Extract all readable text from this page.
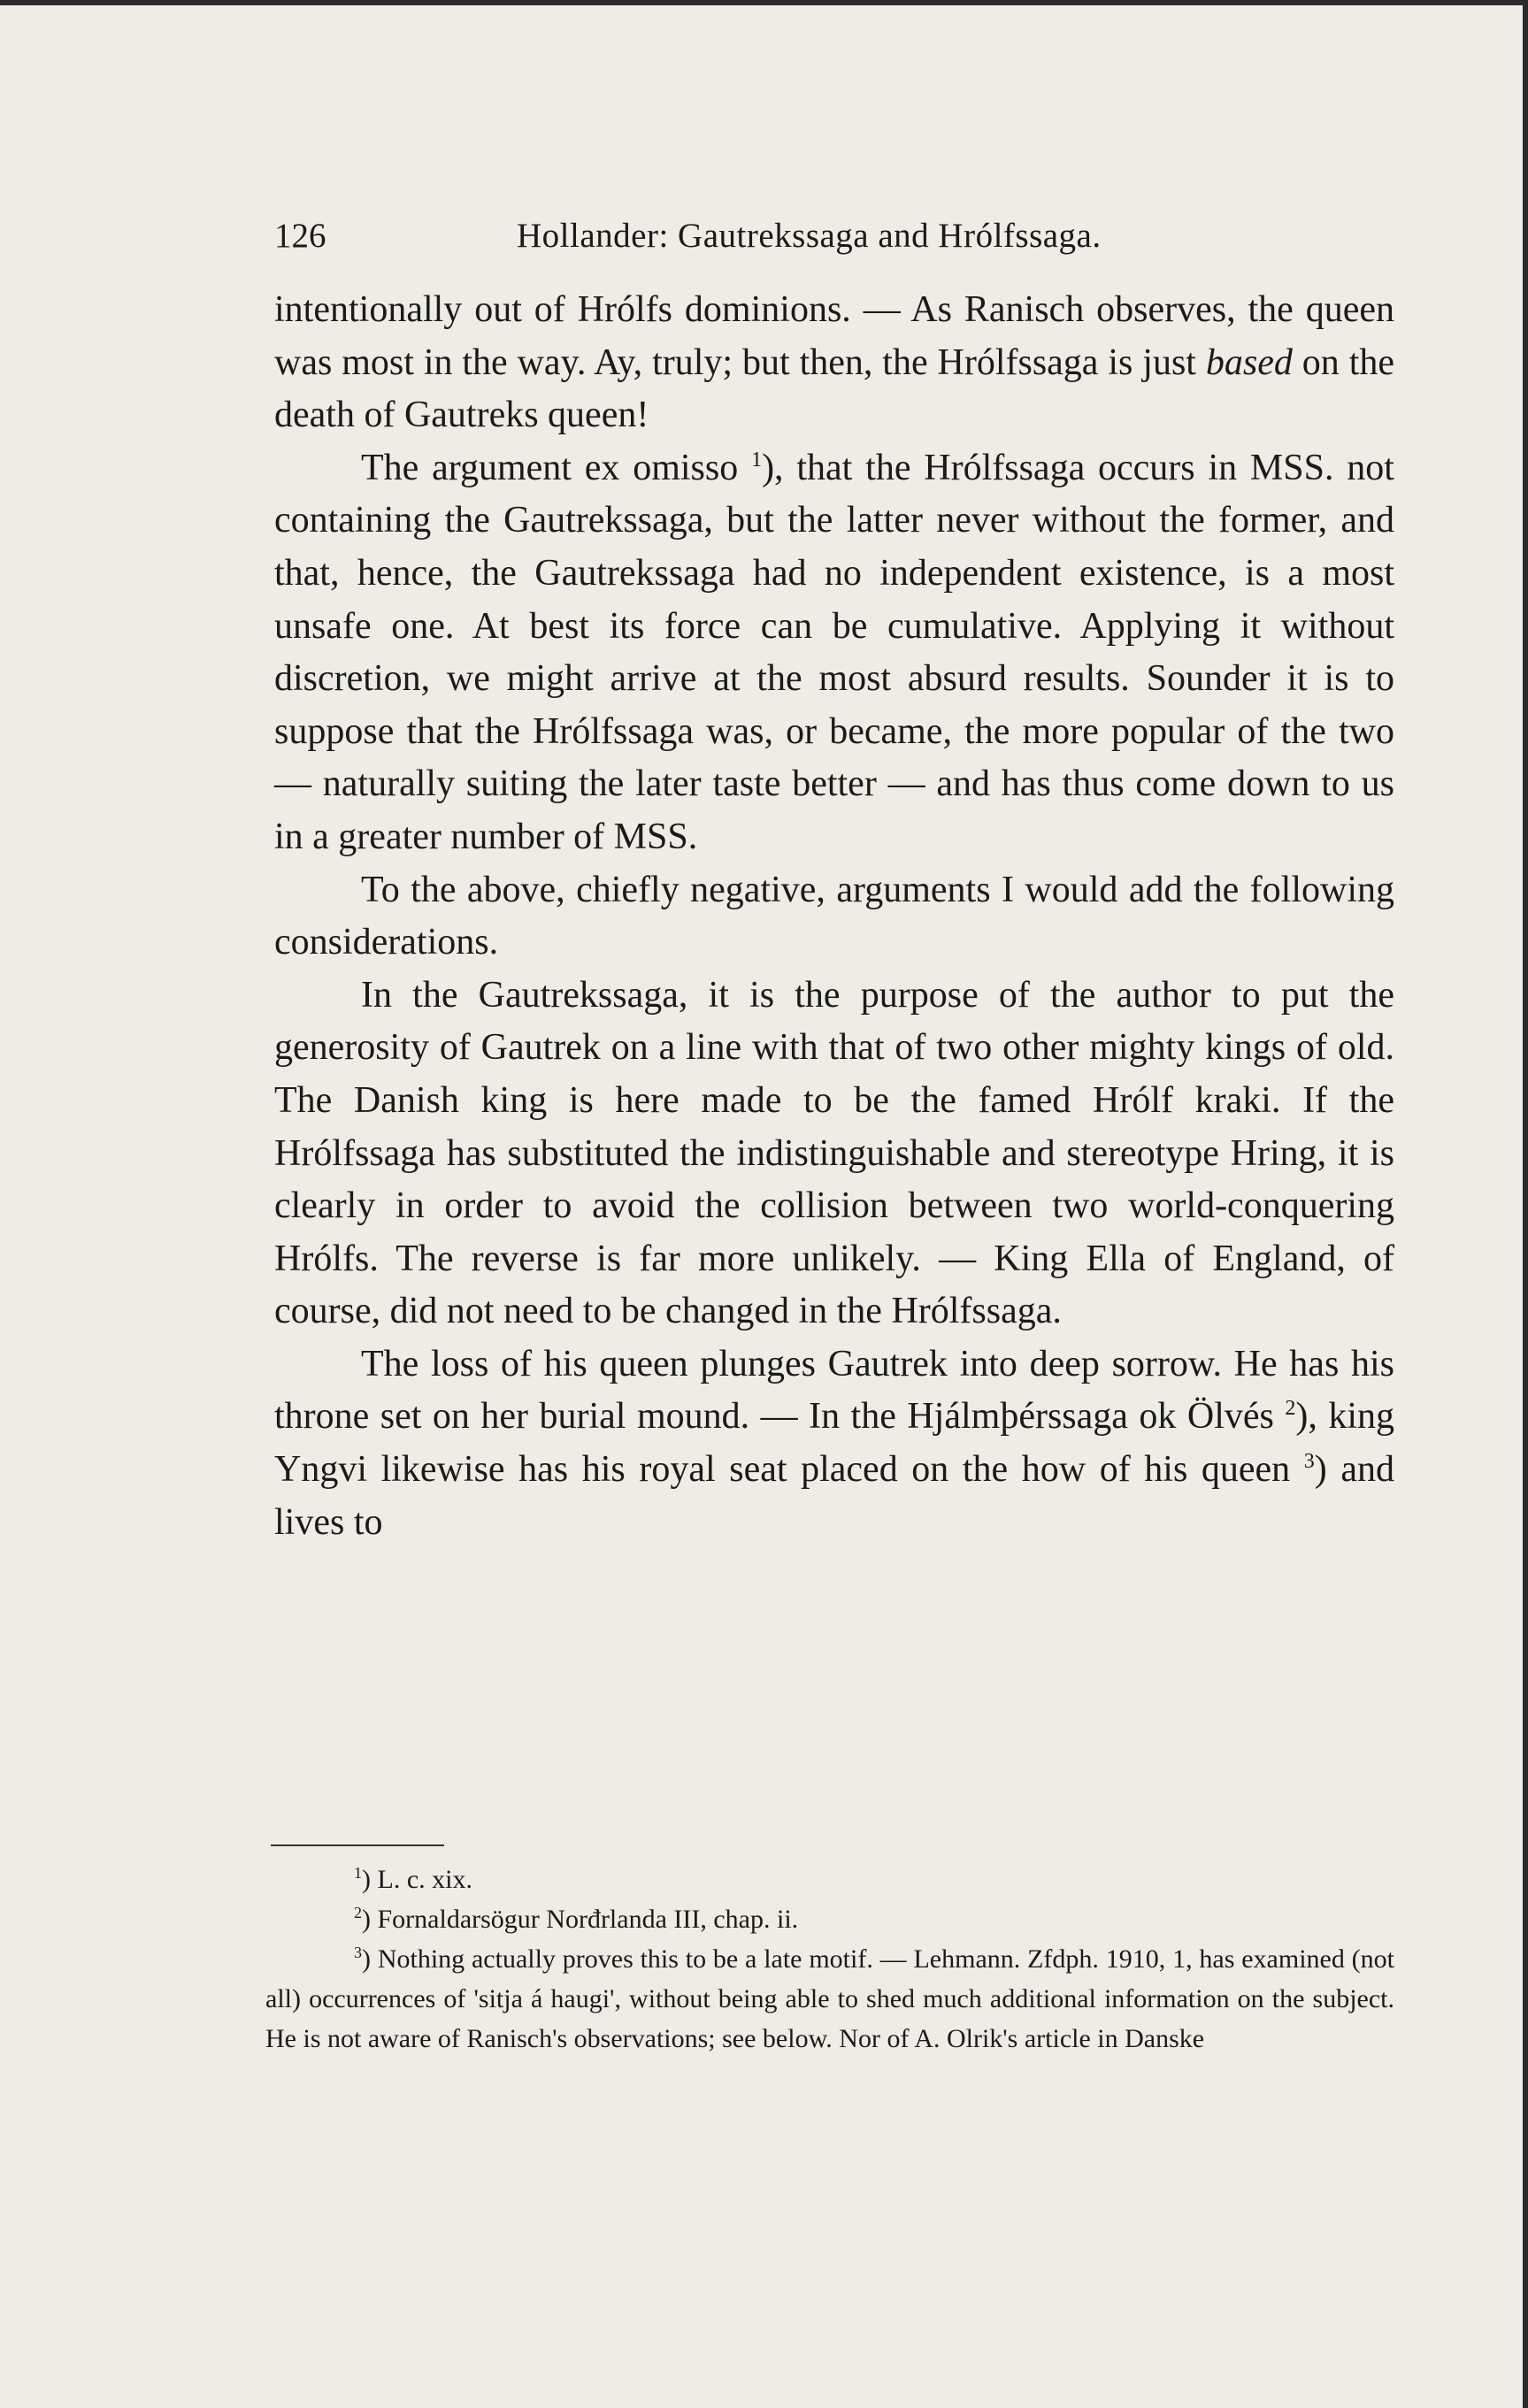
126	Hollander: Gautrekssaga and Hrólfssaga.

intentionally out of Hrólfs dominions. — As Ranisch observes, the queen was most in the way. Ay, truly; but then, the Hrólfssaga is just based on the death of Gautreks queen!

The argument ex omisso $^1$), that the Hrólfssaga occurs in MSS. not containing the Gautrekssaga, but the latter never without the former, and that, hence, the Gautrekssaga had no independent existence, is a most unsafe one. At best its force can be cumulative. Applying it without discretion, we might arrive at the most absurd results. Sounder it is to suppose that the Hrólfssaga was, or became, the more popular of the two — naturally suiting the later taste better — and has thus come down to us in a greater number of MSS.

To the above, chiefly negative, arguments I would add the following considerations.

In the Gautrekssaga, it is the purpose of the author to put the generosity of Gautrek on a line with that of two other mighty kings of old. The Danish king is here made to be the famed Hrólf kraki. If the Hrólfssaga has substituted the indistinguishable and stereotype Hring, it is clearly in order to avoid the collision between two world-conquering Hrólfs. The reverse is far more unlikely. — King Ella of England, of course, did not need to be changed in the Hrólfssaga.

The loss of his queen plunges Gautrek into deep sorrow. He has his throne set on her burial mound. — In the Hjálmþérssaga ok Ölvés $^2$), king Yngvi likewise has his royal seat placed on the how of his queen $^3$) and lives to

$^1$) L. c. xix.

$^2$) Fornaldarsögur Norđrlanda III, chap. ii.

$^3$) Nothing actually proves this to be a late motif. — Lehmann. Zfdph. 1910, 1, has examined (not all) occurrences of 'sitja á haugi', without being able to shed much additional information on the subject. He is not aware of Ranisch's observations; see below. Nor of A. Olrik's article in Danske
